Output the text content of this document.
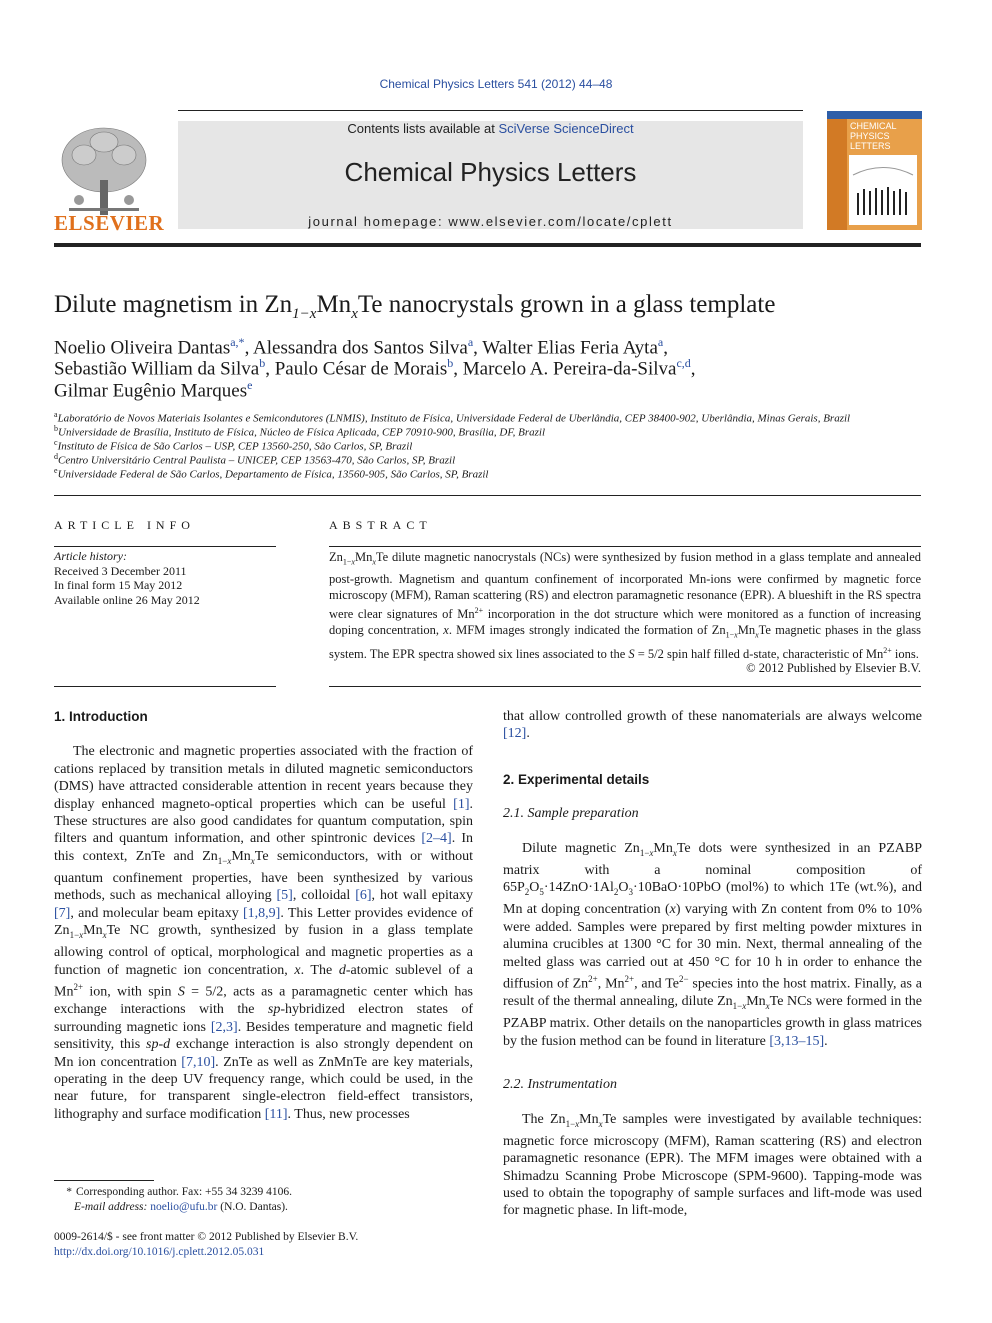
Chemical Physics Letters 541 (2012) 44–48
ELSEVIER
Contents lists available at SciVerse ScienceDirect
Chemical Physics Letters
journal homepage: www.elsevier.com/locate/cplett
CHEMICAL PHYSICS LETTERS
Dilute magnetism in $Zn_{1-x}Mn_xTe$ nanocrystals grown in a glass template
Noelio Oliveira Dantas$^{a,*}$, Alessandra dos Santos Silva$^a$, Walter Elias Feria Ayta$^a$,
Sebastião William da Silva$^b$, Paulo César de Morais$^b$, Marcelo A. Pereira-da-Silva$^{c,d}$,
Gilmar Eugênio Marques$^e$
$^a$Laboratório de Novos Materiais Isolantes e Semicondutores (LNMIS), Instituto de Física, Universidade Federal de Uberlândia, CEP 38400-902, Uberlândia, Minas Gerais, Brazil
$^b$Universidade de Brasília, Instituto de Física, Núcleo de Física Aplicada, CEP 70910-900, Brasília, DF, Brazil
$^c$Instituto de Física de São Carlos – USP, CEP 13560-250, São Carlos, SP, Brazil
$^d$Centro Universitário Central Paulista – UNICEP, CEP 13563-470, São Carlos, SP, Brazil
$^e$Universidade Federal de São Carlos, Departamento de Física, 13560-905, São Carlos, SP, Brazil
ARTICLE INFO
Article history:
Received 3 December 2011
In final form 15 May 2012
Available online 26 May 2012
ABSTRACT
$Zn_{1-x}Mn_xTe$ dilute magnetic nanocrystals (NCs) were synthesized by fusion method in a glass template and annealed post-growth. Magnetism and quantum confinement of incorporated Mn-ions were confirmed by magnetic force microscopy (MFM), Raman scattering (RS) and electron paramagnetic resonance (EPR). A blueshift in the RS spectra were clear signatures of $Mn^{2+}$ incorporation in the dot structure which were monitored as a function of increasing doping concentration, x. MFM images strongly indicated the formation of $Zn_{1-x}Mn_xTe$ magnetic phases in the glass system. The EPR spectra showed six lines associated to the S = 5/2 spin half filled d-state, characteristic of $Mn^{2+}$ ions.
© 2012 Published by Elsevier B.V.
1. Introduction

The electronic and magnetic properties associated with the fraction of cations replaced by transition metals in diluted magnetic semiconductors (DMS) have attracted considerable attention in recent years because they display enhanced magneto-optical properties which can be useful [1]. These structures are also good candidates for quantum computation, spin filters and quantum information, and other spintronic devices [2–4]. In this context, ZnTe and $Zn_{1-x}Mn_xTe$ semiconductors, with or without quantum confinement properties, have been synthesized by various methods, such as mechanical alloying [5], colloidal [6], hot wall epitaxy [7], and molecular beam epitaxy [1,8,9]. This Letter provides evidence of $Zn_{1-x}Mn_xTe$ NC growth, synthesized by fusion in a glass template allowing control of optical, morphological and magnetic properties as a function of magnetic ion concentration, x. The d-atomic sublevel of a $Mn^{2+}$ ion, with spin S = 5/2, acts as a paramagnetic center which has exchange interactions with the sp-hybridized electron states of surrounding magnetic ions [2,3]. Besides temperature and magnetic field sensitivity, this sp-d exchange interaction is also strongly dependent on Mn ion concentration [7,10]. ZnTe as well as ZnMnTe are key materials, operating in the deep UV frequency range, which could be used, in the near future, for transparent single-electron field-effect transistors, lithography and surface modification [11]. Thus, new processes

* Corresponding author. Fax: +55 34 3239 4106.
E-mail address: noelio@ufu.br (N.O. Dantas).
0009-2614/$ - see front matter © 2012 Published by Elsevier B.V.
http://dx.doi.org/10.1016/j.cplett.2012.05.031

that allow controlled growth of these nanomaterials are always welcome [12].

2. Experimental details
2.1. Sample preparation

Dilute magnetic $Zn_{1-x}Mn_xTe$ dots were synthesized in an PZABP matrix with a nominal composition of $65P_2O_5\cdot 14ZnO\cdot 1Al_2O_3\cdot 10BaO\cdot 10PbO$ (mol%) to which 1Te (wt.%), and Mn at doping concentration (x) varying with Zn content from 0% to 10% were added. Samples were prepared by first melting powder mixtures in alumina crucibles at 1300 °C for 30 min. Next, thermal annealing of the melted glass was carried out at 450 °C for 10 h in order to enhance the diffusion of $Zn^{2+}$, $Mn^{2+}$, and $Te^{2-}$ species into the host matrix. Finally, as a result of the thermal annealing, dilute $Zn_{1-x}Mn_xTe$ NCs were formed in the PZABP matrix. Other details on the nanoparticles growth in glass matrices by the fusion method can be found in literature [3,13–15].

2.2. Instrumentation

The $Zn_{1-x}Mn_xTe$ samples were investigated by available techniques: magnetic force microscopy (MFM), Raman scattering (RS) and electron paramagnetic resonance (EPR). The MFM images were obtained with a Shimadzu Scanning Probe Microscope (SPM-9600). Tapping-mode was used to obtain the topography of sample surfaces and lift-mode was used for magnetic phase. In lift-mode,
